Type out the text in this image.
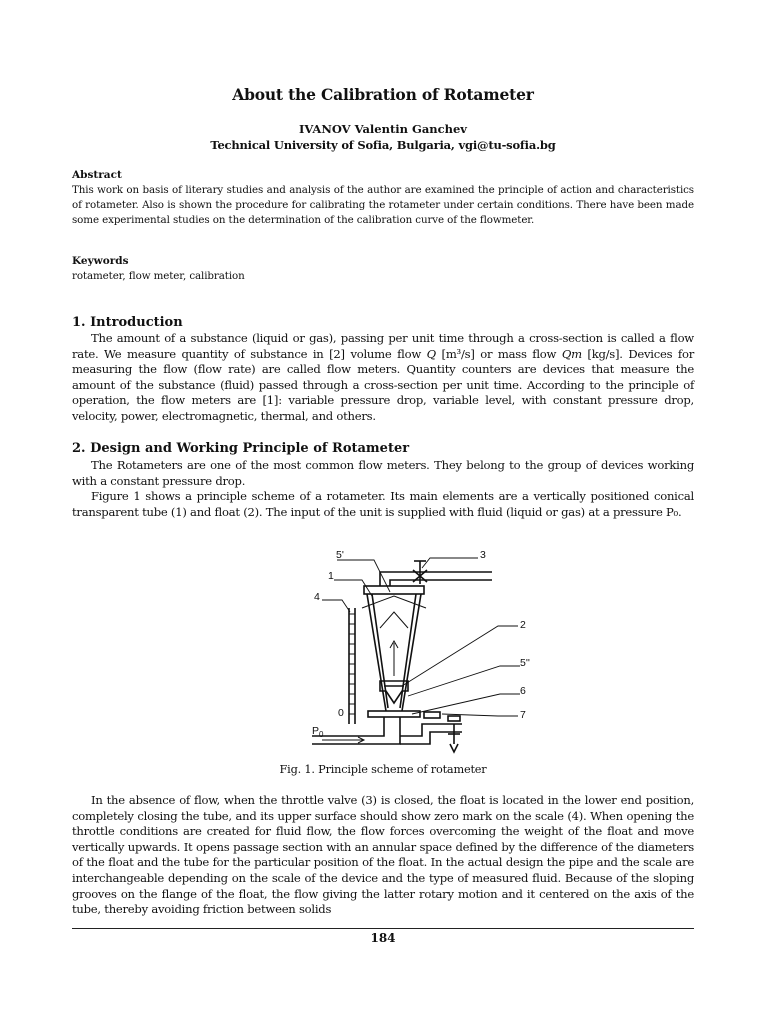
About the Calibration of Rotameter
IVANOV Valentin Ganchev
Technical University of Sofia, Bulgaria, vgi@tu-sofia.bg
Abstract
This work on basis of literary studies and analysis of the author are examined the principle of action and characteristics of rotameter. Also is shown the procedure for calibrating the rotameter under certain conditions. There have been made some experimental studies on the determination of the calibration curve of the flowmeter.
Keywords
rotameter, flow meter, calibration
1. Introduction

The amount of a substance (liquid or gas), passing per unit time through a cross-section is called a flow rate. We measure quantity of substance in [2] volume flow Q [m³/s] or mass flow Qm [kg/s]. Devices for measuring the flow (flow rate) are called flow meters. Quantity counters are devices that measure the amount of the substance (fluid) passed through a cross-section per unit time. According to the principle of operation, the flow meters are [1]: variable pressure drop, variable level, with constant pressure drop, velocity, power, electromagnetic, thermal, and others.

2. Design and Working Principle of Rotameter

The Rotameters are one of the most common flow meters. They belong to the group of devices working with a constant pressure drop.

Figure 1 shows a principle scheme of a rotameter. Its main elements are a vertically positioned conical transparent tube (1) and float (2). The input of the unit is supplied with fluid (liquid or gas) at a pressure P₀.

5'	3
1
4
2
5''
6
7
0
$P_0$
Fig. 1. Principle scheme of rotameter

In the absence of flow, when the throttle valve (3) is closed, the float is located in the lower end position, completely closing the tube, and its upper surface should show zero mark on the scale (4). When opening the throttle conditions are created for fluid flow, the flow forces overcoming the weight of the float and move vertically upwards. It opens passage section with an annular space defined by the difference of the diameters of the float and the tube for the particular position of the float. In the actual design the pipe and the scale are interchangeable depending on the scale of the device and the type of measured fluid. Because of the sloping grooves on the flange of the float, the flow giving the latter rotary motion and it centered on the axis of the tube, thereby avoiding friction between solids

184
